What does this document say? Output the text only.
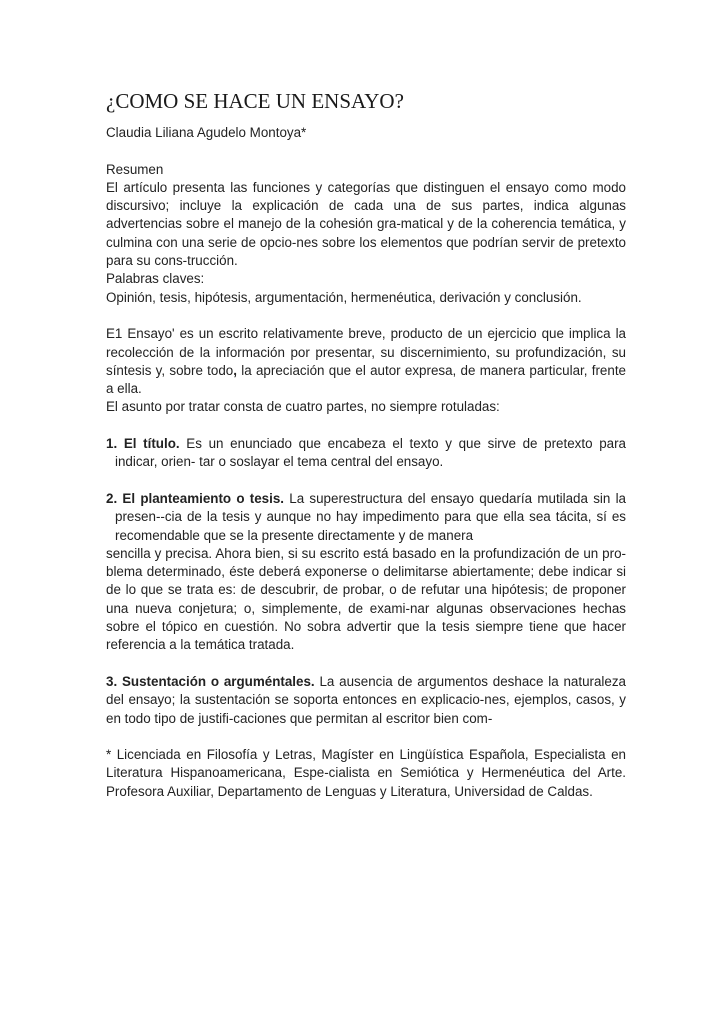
¿COMO SE HACE UN ENSAYO?

Claudia Liliana Agudelo Montoya*

Resumen

El artículo presenta las funciones y categorías que distinguen el ensayo como modo discursivo; incluye la explicación de cada una de sus partes, indica algunas advertencias sobre el manejo de la cohesión gra-matical y de la coherencia temática, y culmina con una serie de opcio-nes sobre los elementos que podrían servir de pretexto para su cons-trucción.

Palabras claves:

Opinión, tesis, hipótesis, argumentación, hermenéutica, derivación y conclusión.

E1 Ensayo' es un escrito relativamente breve, producto de un ejercicio que implica la recolección de la información por presentar, su discernimiento, su profundización, su síntesis y, sobre todo, la apreciación que el autor expresa, de manera particular, frente a ella.

El asunto por tratar consta de cuatro partes, no siempre rotuladas:

1. El título. Es un enunciado que encabeza el texto y que sirve de pretexto para indicar, orien- tar o soslayar el tema central del ensayo.

2. El planteamiento o tesis. La superestructura del ensayo quedaría mutilada sin la presen--cia de la tesis y aunque no hay impedimento para que ella sea tácita, sí es recomendable que se la presente directamente y de manera

sencilla y precisa. Ahora bien, si su escrito está basado en la profundización de un pro-blema determinado, éste deberá exponerse o delimitarse abiertamente; debe indicar si de lo que se trata es: de descubrir, de probar, o de refutar una hipótesis; de proponer una nueva conjetura; o, simplemente, de exami-nar algunas observaciones hechas sobre el tópico en cuestión. No sobra advertir que la tesis siempre tiene que hacer referencia a la temática tratada.

3. Sustentación o arguméntales. La ausencia de argumentos deshace la naturaleza del ensayo; la sustentación se soporta entonces en explicacio-nes, ejemplos, casos, y en todo tipo de justifi-caciones que permitan al escritor bien com-

* Licenciada en Filosofía y Letras, Magíster en Lingüística Española, Especialista en Literatura Hispanoamericana, Espe-cialista en Semiótica y Hermenéutica del Arte. Profesora Auxiliar, Departamento de Lenguas y Literatura, Universidad de Caldas.
